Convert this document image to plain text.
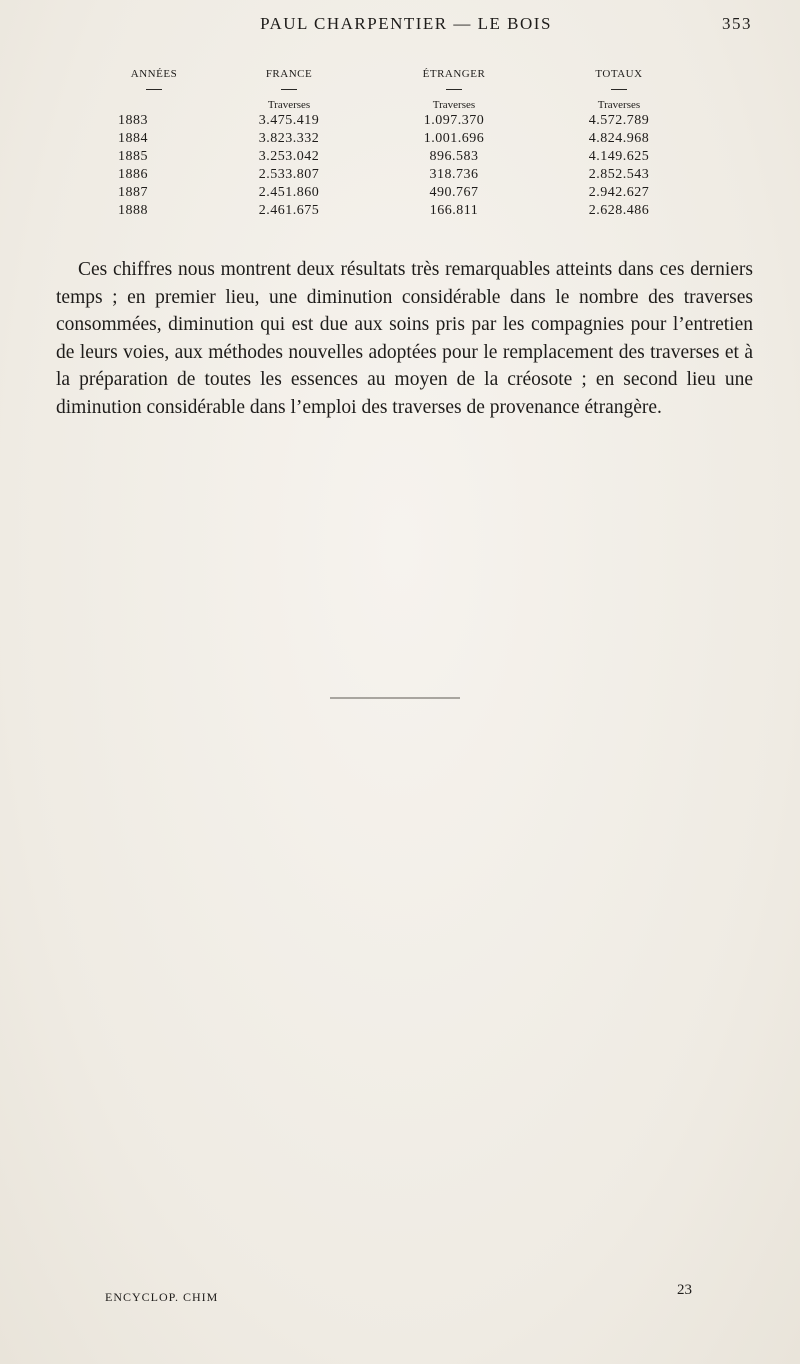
PAUL CHARPENTIER — LE BOIS	353
ANNÉES	FRANCE	ÉTRANGER	TOTAUX

	Traverses	Traverses	Traverses
1883	3.475.419	1.097.370	4.572.789
1884	3.823.332	1.001.696	4.824.968
1885	3.253.042	896.583	4.149.625
1886	2.533.807	318.736	2.852.543
1887	2.451.860	490.767	2.942.627
1888	2.461.675	166.811	2.628.486

Ces chiffres nous montrent deux résultats très remarquables atteints dans ces derniers temps ; en premier lieu, une diminution considérable dans le nombre des traverses consommées, diminution qui est due aux soins pris par les compagnies pour l’entretien de leurs voies, aux méthodes nouvelles adoptées pour le remplacement des traverses et à la préparation de toutes les essences au moyen de la créosote ; en second lieu une diminution considérable dans l’emploi des traverses de provenance étrangère.

ENCYCLOP. CHIM	23
